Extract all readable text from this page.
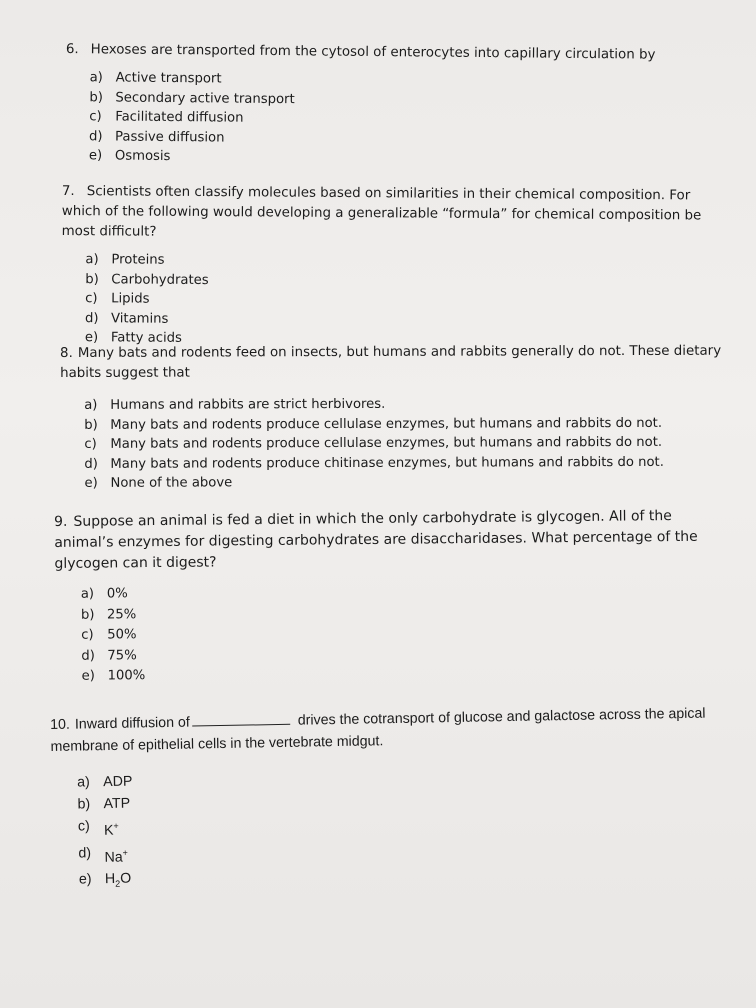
6. Hexoses are transported from the cytosol of enterocytes into capillary circulation by

a) Active transport
b) Secondary active transport
c)	Facilitated diffusion
d) Passive diffusion
e) Osmosis

7. Scientists often classify molecules based on similarities in their chemical composition. For which of the following would developing a generalizable “formula” for chemical composition be most difficult?

a) Proteins
b) Carbohydrates
c)	Lipids
d) Vitamins
e) Fatty acids

8. Many bats and rodents feed on insects, but humans and rabbits generally do not. These dietary habits suggest that

a) Humans and rabbits are strict herbivores.
b) Many bats and rodents produce cellulase enzymes, but humans and rabbits do not.
c)	Many bats and rodents produce cellulase enzymes, but humans and rabbits do not.
d) Many bats and rodents produce chitinase enzymes, but humans and rabbits do not.
e) None of the above

9. Suppose an animal is fed a diet in which the only carbohydrate is glycogen. All of the animal’s enzymes for digesting carbohydrates are disaccharidases. What percentage of the glycogen can it digest?

a) 0%
b) 25%
c)	50%
d) 75%
e) 100%

10. Inward diffusion of	drives the cotransport of glucose and galactose across the apical membrane of epithelial cells in the vertebrate midgut.

a) ADP
b) ATP
c) K+
d) Na+
e) $H_2O$
